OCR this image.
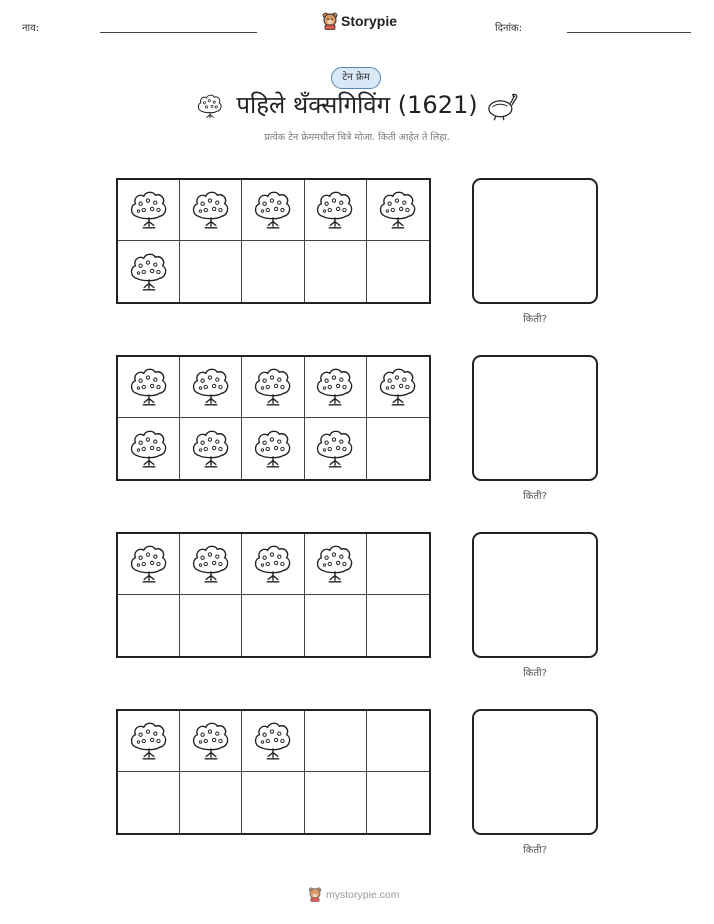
नाव:	Storypie	दिनांक:
टेन फ्रेम
पहिले थँक्सगिविंग (1621)
प्रत्येक टेन फ्रेममधील चित्रे मोजा. किती आहेत ते लिहा.
किती?
किती?
किती?
किती?
mystorypie.com
